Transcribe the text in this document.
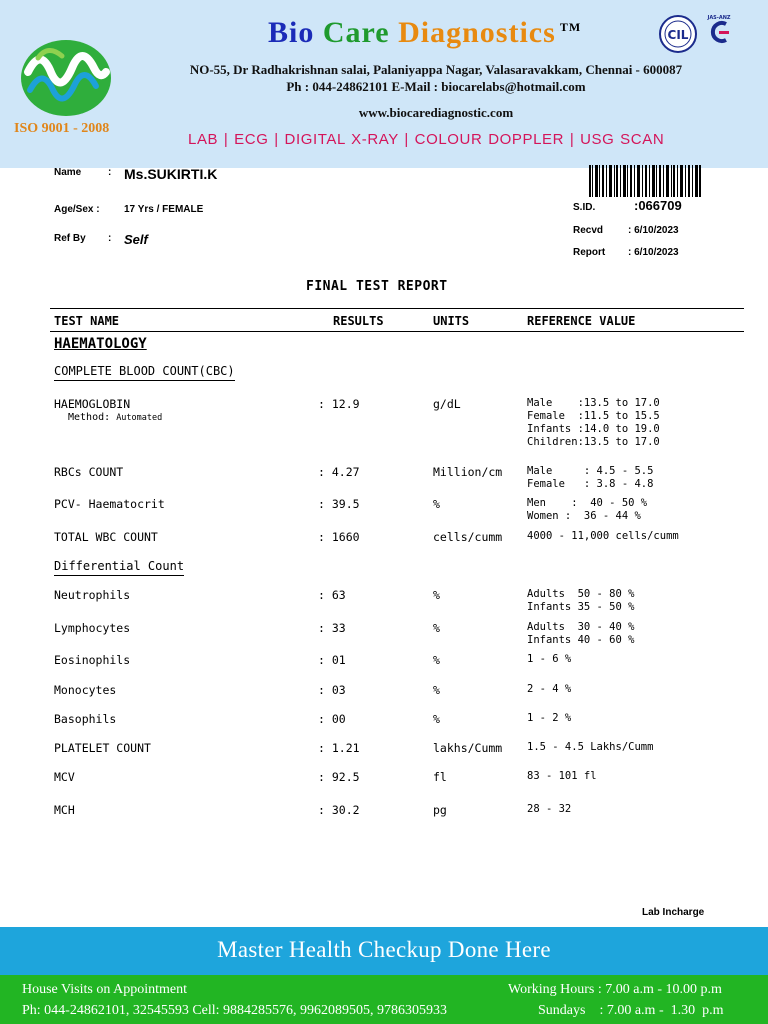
ISO 9001 - 2008
Bio Care Diagnostics ™
CIL
JAS-ANZ
NO-55, Dr Radhakrishnan salai, Palaniyappa Nagar, Valasaravakkam, Chennai - 600087
Ph : 044-24862101 E-Mail : biocarelabs@hotmail.com
www.biocarediagnostic.com
LAB | ECG | DIGITAL X-RAY | COLOUR DOPPLER | USG SCAN
Name	: Ms.SUKIRTI.K
Age/Sex : 17 Yrs / FEMALE
Ref By : Self
S.ID.	:066709
Recvd : 6/10/2023
Report : 6/10/2023
FINAL TEST REPORT
TEST NAME	RESULTS	UNITS	REFERENCE VALUE
HAEMATOLOGY
COMPLETE BLOOD COUNT(CBC)
HAEMOGLOBIN	: 12.9	g/dL	Male    :13.5 to 17.0
Female  :11.5 to 15.5
Infants :14.0 to 19.0
Children:13.5 to 17.0
Method: Automated
RBCs COUNT	: 4.27	Million/cm Male     : 4.5 - 5.5
Female   : 3.8 - 4.8
PCV- Haematocrit	: 39.5	%	Men    :  40 - 50 %
Women :  36 - 44 %
TOTAL WBC COUNT	: 1660	cells/cumm 4000 - 11,000 cells/cumm
Differential Count
Neutrophils	: 63	%	Adults  50 - 80 %
Infants 35 - 50 %
Lymphocytes	: 33	%	Adults  30 - 40 %
Infants 40 - 60 %
Eosinophils	: 01	%	1 - 6 %
Monocytes	: 03	%	2 - 4 %
Basophils	: 00	%	1 - 2 %
PLATELET COUNT	: 1.21	lakhs/Cumm 1.5 - 4.5 Lakhs/Cumm
MCV	: 92.5	fl	83 - 101 fl
MCH	: 30.2	pg	28 - 32
Lab Incharge
Master Health Checkup Done Here
House Visits on Appointment	Working Hours : 7.00 a.m - 10.00 p.m
Ph: 044-24862101, 32545593 Cell: 9884285576, 9962089505, 9786305933	Sundays    : 7.00 a.m -  1.30  p.m
